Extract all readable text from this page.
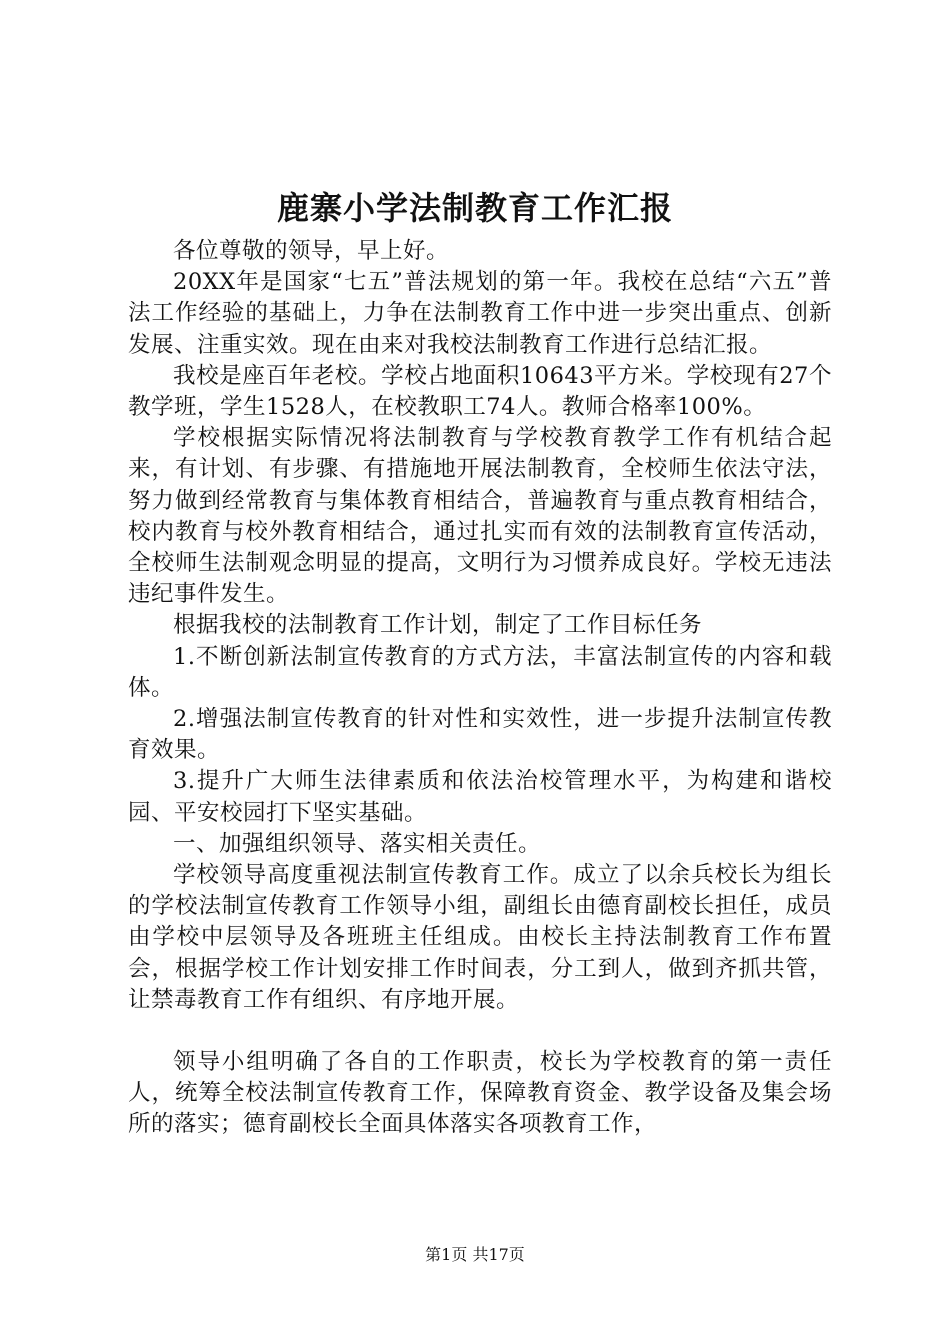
鹿寨小学法制教育工作汇报

各位尊敬的领导，早上好。

20XX年是国家“七五”普法规划的第一年。我校在总结“六五”普法工作经验的基础上，力争在法制教育工作中进一步突出重点、创新发展、注重实效。现在由来对我校法制教育工作进行总结汇报。

我校是座百年老校。学校占地面积10643平方米。学校现有27个教学班，学生1528人，在校教职工74人。教师合格率100%。

学校根据实际情况将法制教育与学校教育教学工作有机结合起来，有计划、有步骤、有措施地开展法制教育，全校师生依法守法，努力做到经常教育与集体教育相结合，普遍教育与重点教育相结合，校内教育与校外教育相结合，通过扎实而有效的法制教育宣传活动，全校师生法制观念明显的提高，文明行为习惯养成良好。学校无违法违纪事件发生。

根据我校的法制教育工作计划，制定了工作目标任务

1.不断创新法制宣传教育的方式方法，丰富法制宣传的内容和载体。

2.增强法制宣传教育的针对性和实效性，进一步提升法制宣传教育效果。

3.提升广大师生法律素质和依法治校管理水平，为构建和谐校园、平安校园打下坚实基础。

一、加强组织领导、落实相关责任。

学校领导高度重视法制宣传教育工作。成立了以余兵校长为组长的学校法制宣传教育工作领导小组，副组长由德育副校长担任，成员由学校中层领导及各班班主任组成。由校长主持法制教育工作布置会，根据学校工作计划安排工作时间表，分工到人，做到齐抓共管，让禁毒教育工作有组织、有序地开展。

领导小组明确了各自的工作职责，校长为学校教育的第一责任人，统筹全校法制宣传教育工作，保障教育资金、教学设备及集会场所的落实；德育副校长全面具体落实各项教育工作，

第1页 共17页
